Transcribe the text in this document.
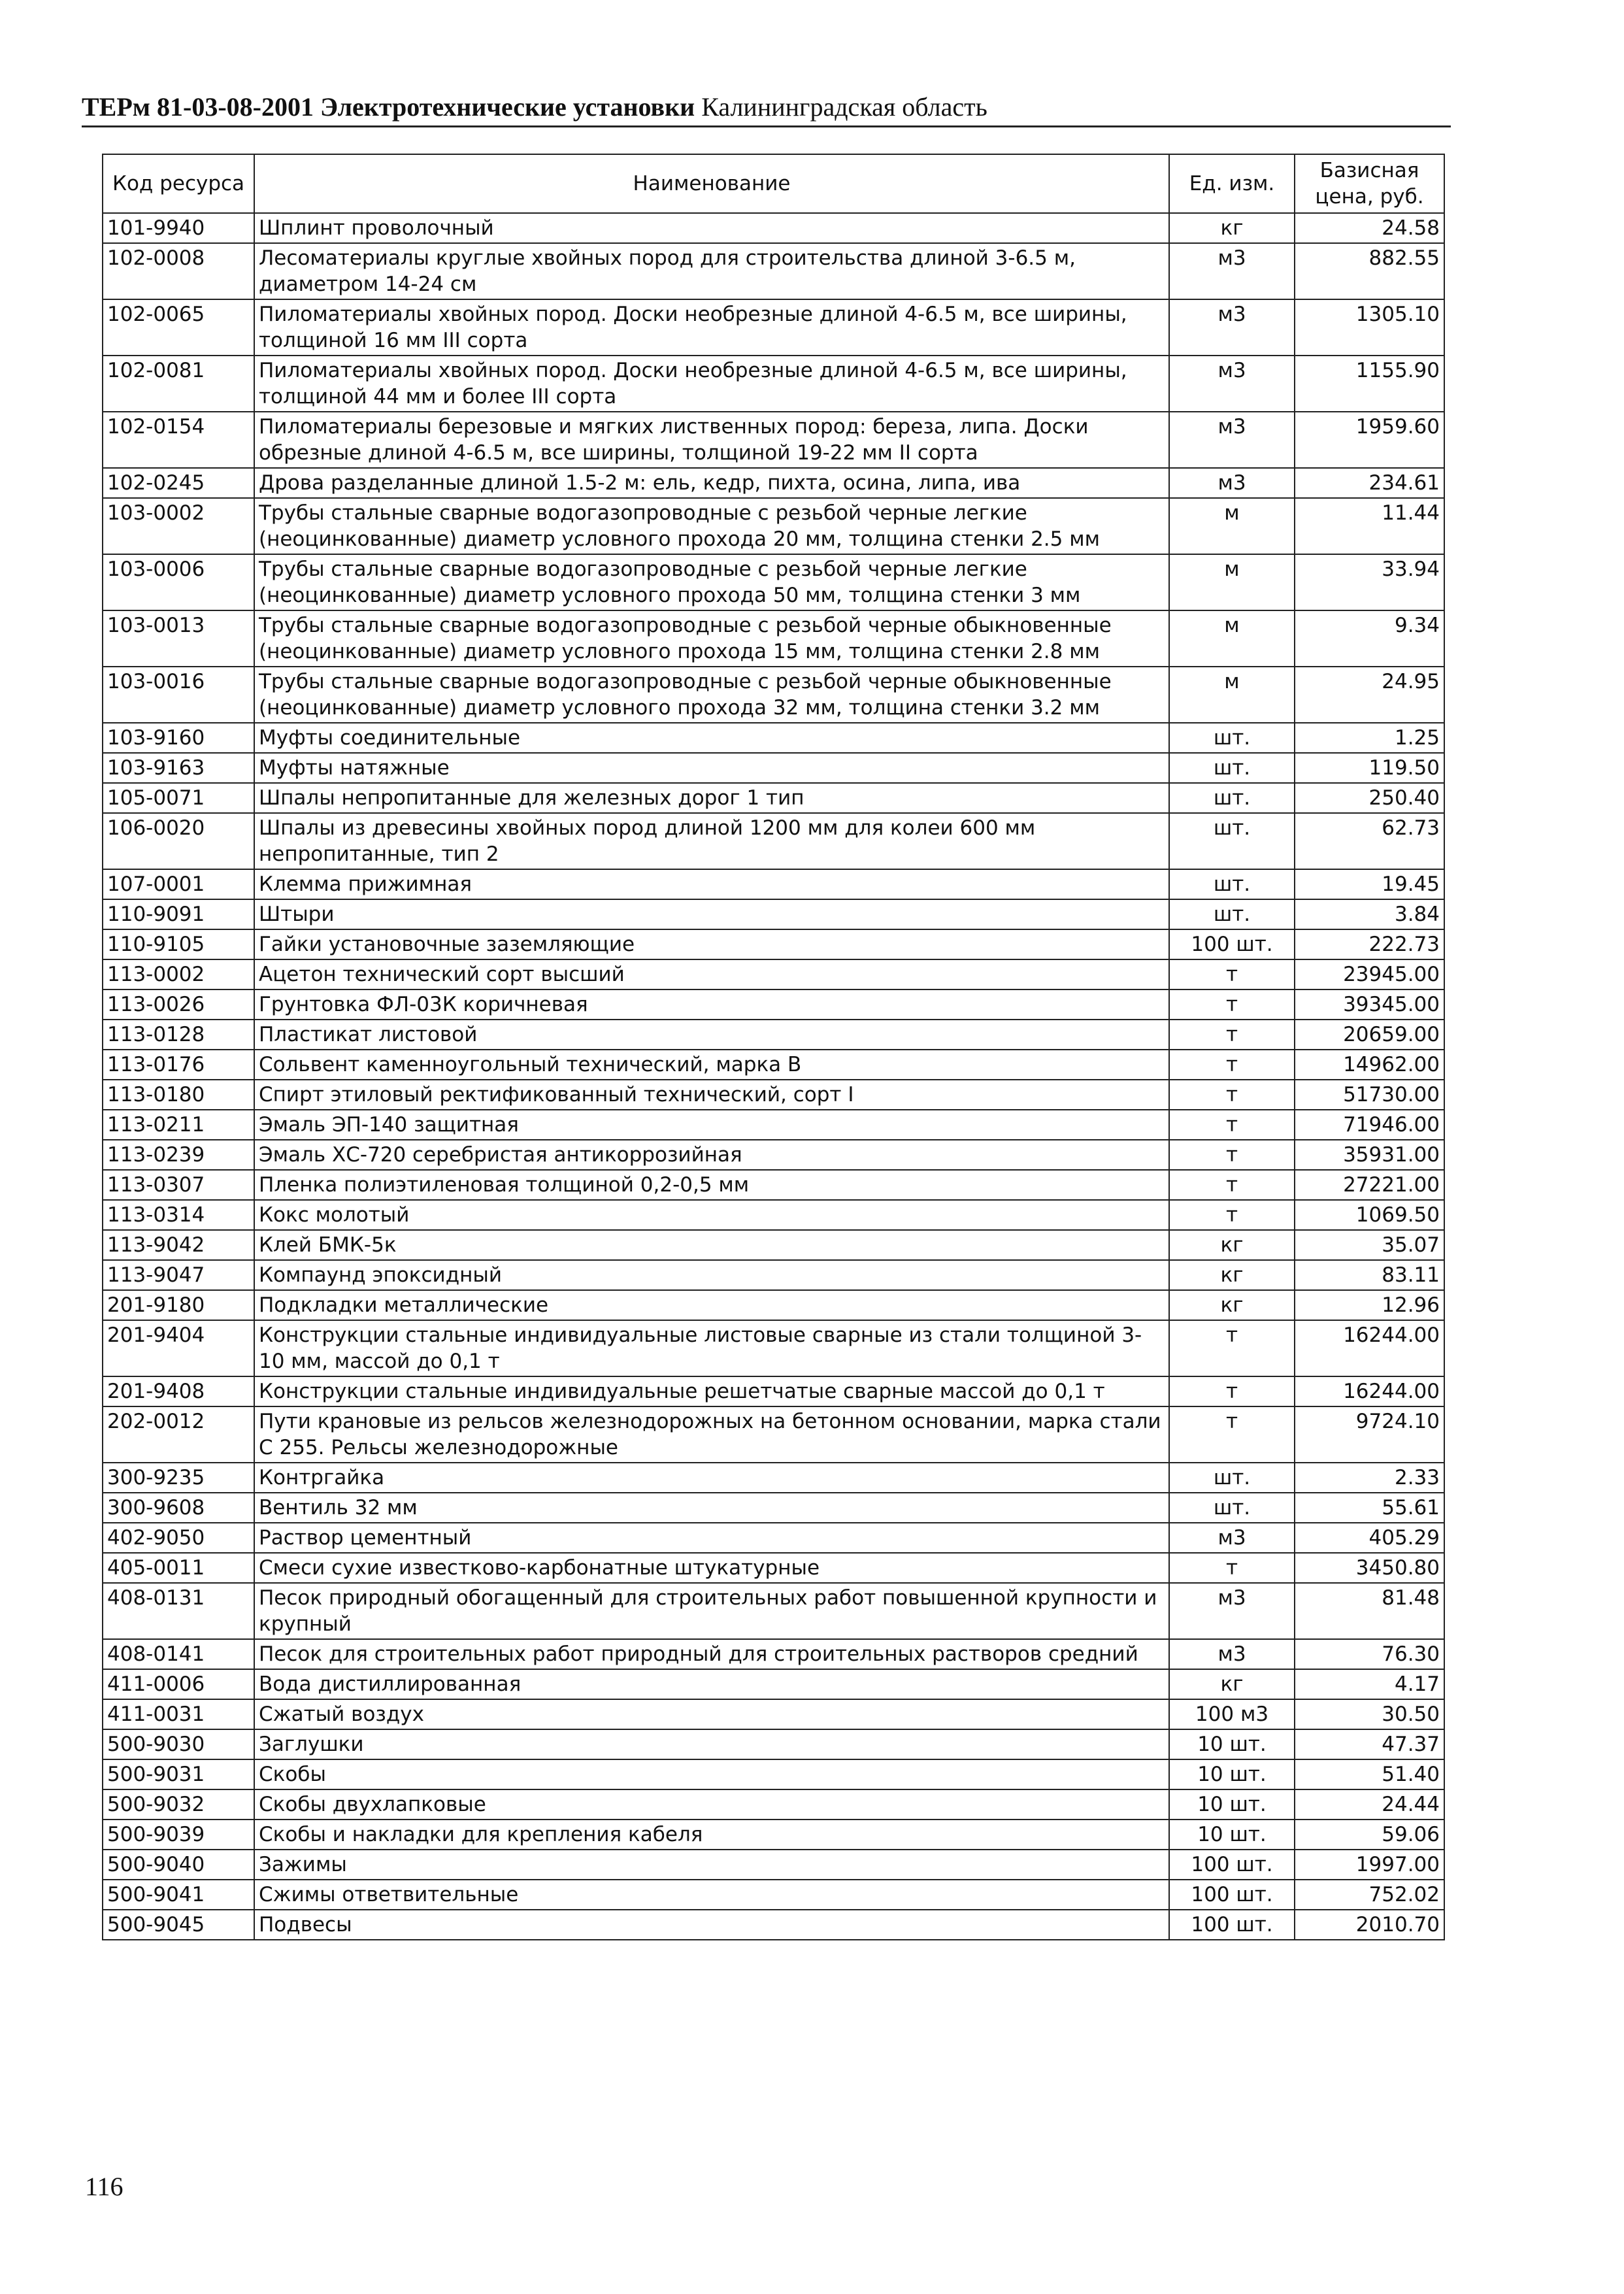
ТЕРм 81-03-08-2001 Электротехнические установки Калининградская область
Код ресурса	Наименование	Ед. изм.	Базисная цена, руб.
101-9940	Шплинт проволочный	кг	24.58
102-0008	Лесоматериалы круглые хвойных пород для строительства длиной 3-6.5 м, диаметром 14-24 см	м3	882.55
102-0065	Пиломатериалы хвойных пород. Доски необрезные длиной 4-6.5 м, все ширины, толщиной 16 мм III сорта	м3	1305.10
102-0081	Пиломатериалы хвойных пород. Доски необрезные длиной 4-6.5 м, все ширины, толщиной 44 мм и более III сорта	м3	1155.90
102-0154	Пиломатериалы березовые и мягких лиственных пород: береза, липа. Доски обрезные длиной 4-6.5 м, все ширины, толщиной 19-22 мм II сорта	м3	1959.60
102-0245	Дрова разделанные длиной 1.5-2 м: ель, кедр, пихта, осина, липа, ива	м3	234.61
103-0002	Трубы стальные сварные водогазопроводные с резьбой черные легкие (неоцинкованные) диаметр условного прохода 20 мм, толщина стенки 2.5 мм	м	11.44
103-0006	Трубы стальные сварные водогазопроводные с резьбой черные легкие (неоцинкованные) диаметр условного прохода 50 мм, толщина стенки 3 мм	м	33.94
103-0013	Трубы стальные сварные водогазопроводные с резьбой черные обыкновенные (неоцинкованные) диаметр условного прохода 15 мм, толщина стенки 2.8 мм	м	9.34
103-0016	Трубы стальные сварные водогазопроводные с резьбой черные обыкновенные (неоцинкованные) диаметр условного прохода 32 мм, толщина стенки 3.2 мм	м	24.95
103-9160	Муфты соединительные	шт.	1.25
103-9163	Муфты натяжные	шт.	119.50
105-0071	Шпалы непропитанные для железных дорог 1 тип	шт.	250.40
106-0020	Шпалы из древесины хвойных пород длиной 1200 мм для колеи 600 мм непропитанные, тип 2	шт.	62.73
107-0001	Клемма прижимная	шт.	19.45
110-9091	Штыри	шт.	3.84
110-9105	Гайки установочные заземляющие	100 шт.	222.73
113-0002	Ацетон технический сорт высший	т	23945.00
113-0026	Грунтовка ФЛ-03К коричневая	т	39345.00
113-0128	Пластикат листовой	т	20659.00
113-0176	Сольвент каменноугольный технический, марка В	т	14962.00
113-0180	Спирт этиловый ректификованный технический, сорт I	т	51730.00
113-0211	Эмаль ЭП-140 защитная	т	71946.00
113-0239	Эмаль ХС-720 серебристая антикоррозийная	т	35931.00
113-0307	Пленка полиэтиленовая толщиной 0,2-0,5 мм	т	27221.00
113-0314	Кокс молотый	т	1069.50
113-9042	Клей БМК-5к	кг	35.07
113-9047	Компаунд эпоксидный	кг	83.11
201-9180	Подкладки металлические	кг	12.96
201-9404	Конструкции стальные индивидуальные листовые сварные из стали толщиной 3-10 мм, массой до 0,1 т	т	16244.00
201-9408	Конструкции стальные индивидуальные решетчатые сварные массой до 0,1 т	т	16244.00
202-0012	Пути крановые из рельсов железнодорожных на бетонном основании, марка стали С 255. Рельсы железнодорожные	т	9724.10
300-9235	Контргайка	шт.	2.33
300-9608	Вентиль 32 мм	шт.	55.61
402-9050	Раствор цементный	м3	405.29
405-0011	Смеси сухие известково-карбонатные штукатурные	т	3450.80
408-0131	Песок природный обогащенный для строительных работ повышенной крупности и крупный	м3	81.48
408-0141	Песок для строительных работ природный для строительных растворов средний	м3	76.30
411-0006	Вода дистиллированная	кг	4.17
411-0031	Сжатый воздух	100 м3	30.50
500-9030	Заглушки	10 шт.	47.37
500-9031	Скобы	10 шт.	51.40
500-9032	Скобы двухлапковые	10 шт.	24.44
500-9039	Скобы и накладки для крепления кабеля	10 шт.	59.06
500-9040	Зажимы	100 шт.	1997.00
500-9041	Сжимы ответвительные	100 шт.	752.02
500-9045	Подвесы	100 шт.	2010.70
116
